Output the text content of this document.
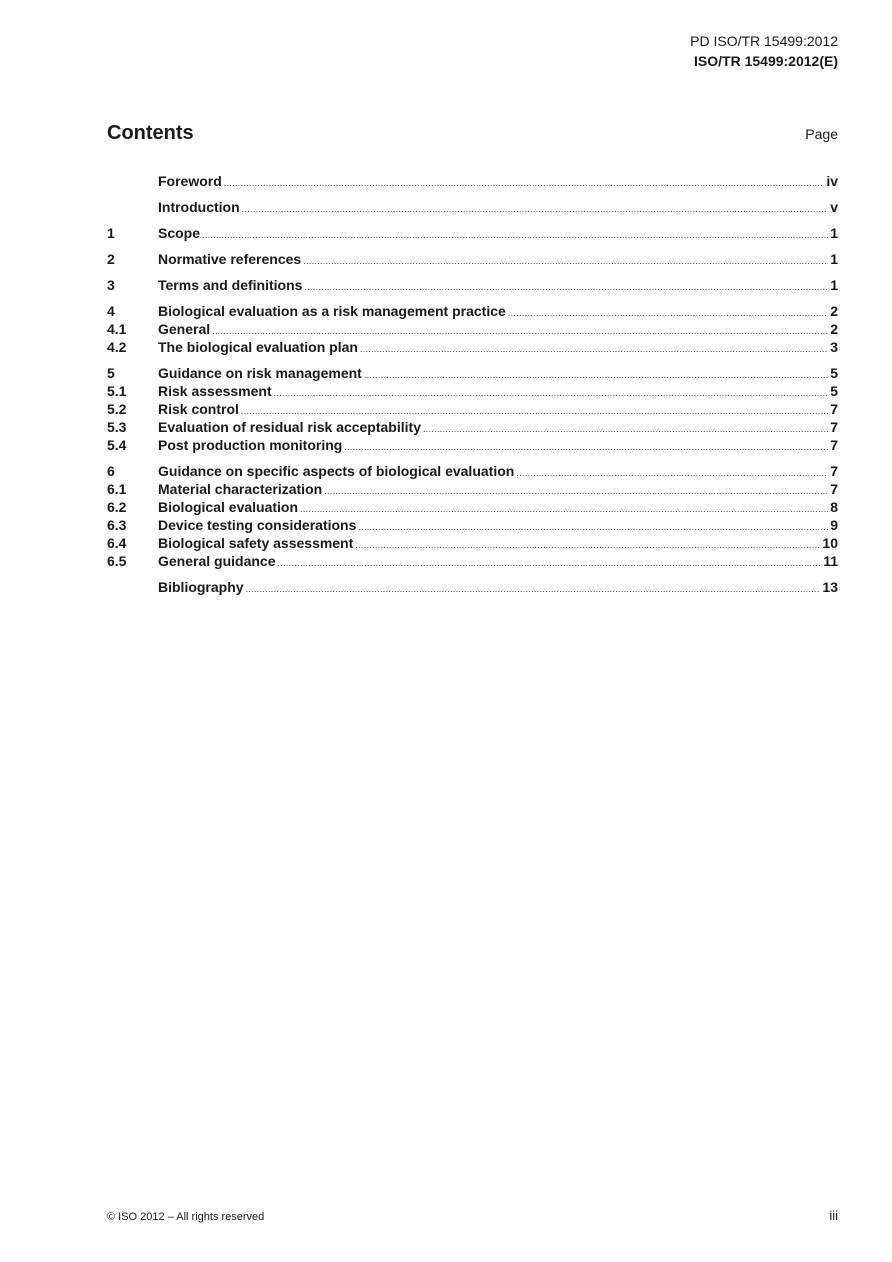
PD ISO/TR 15499:2012
ISO/TR 15499:2012(E)
Contents	Page
Foreword .....	iv
Introduction .....	v
1	Scope .....	1
2	Normative references .....	1
3	Terms and definitions .....	1
4	Biological evaluation as a risk management practice .....	2
4.1	General .....	2
4.2	The biological evaluation plan .....	3
5	Guidance on risk management .....	5
5.1	Risk assessment .....	5
5.2	Risk control .....	7
5.3	Evaluation of residual risk acceptability .....	7
5.4	Post production monitoring .....	7
6	Guidance on specific aspects of biological evaluation .....	7
6.1	Material characterization .....	7
6.2	Biological evaluation .....	8
6.3	Device testing considerations .....	9
6.4	Biological safety assessment .....	10
6.5	General guidance .....	11
Bibliography .....	13
© ISO 2012 – All rights reserved	iii
